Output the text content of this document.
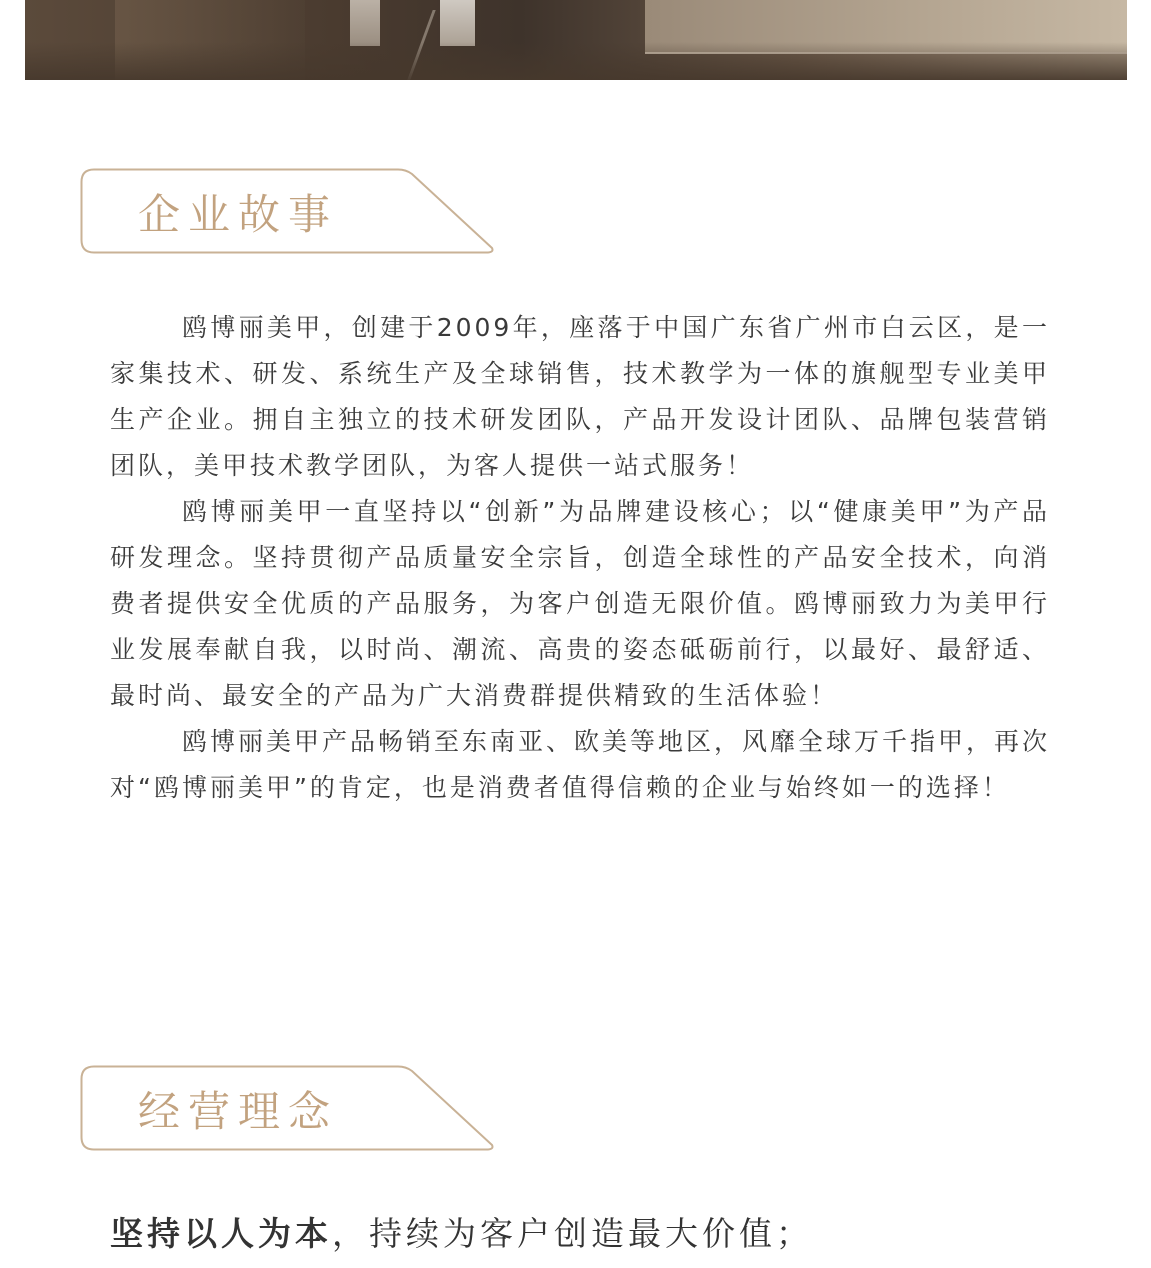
企业故事

鸥博丽美甲，创建于2009年，座落于中国广东省广州市白云区，是一家集技术、研发、系统生产及全球销售，技术教学为一体的旗舰型专业美甲生产企业。拥自主独立的技术研发团队，产品开发设计团队、品牌包装营销团队，美甲技术教学团队，为客人提供一站式服务！

鸥博丽美甲一直坚持以“创新”为品牌建设核心；以“健康美甲”为产品研发理念。坚持贯彻产品质量安全宗旨，创造全球性的产品安全技术，向消费者提供安全优质的产品服务，为客户创造无限价值。鸥博丽致力为美甲行业发展奉献自我，以时尚、潮流、高贵的姿态砥砺前行，以最好、最舒适、最时尚、最安全的产品为广大消费群提供精致的生活体验！

鸥博丽美甲产品畅销至东南亚、欧美等地区，风靡全球万千指甲，再次对“鸥博丽美甲”的肯定，也是消费者值得信赖的企业与始终如一的选择！

经营理念
坚持以人为本，持续为客户创造最大价值；
